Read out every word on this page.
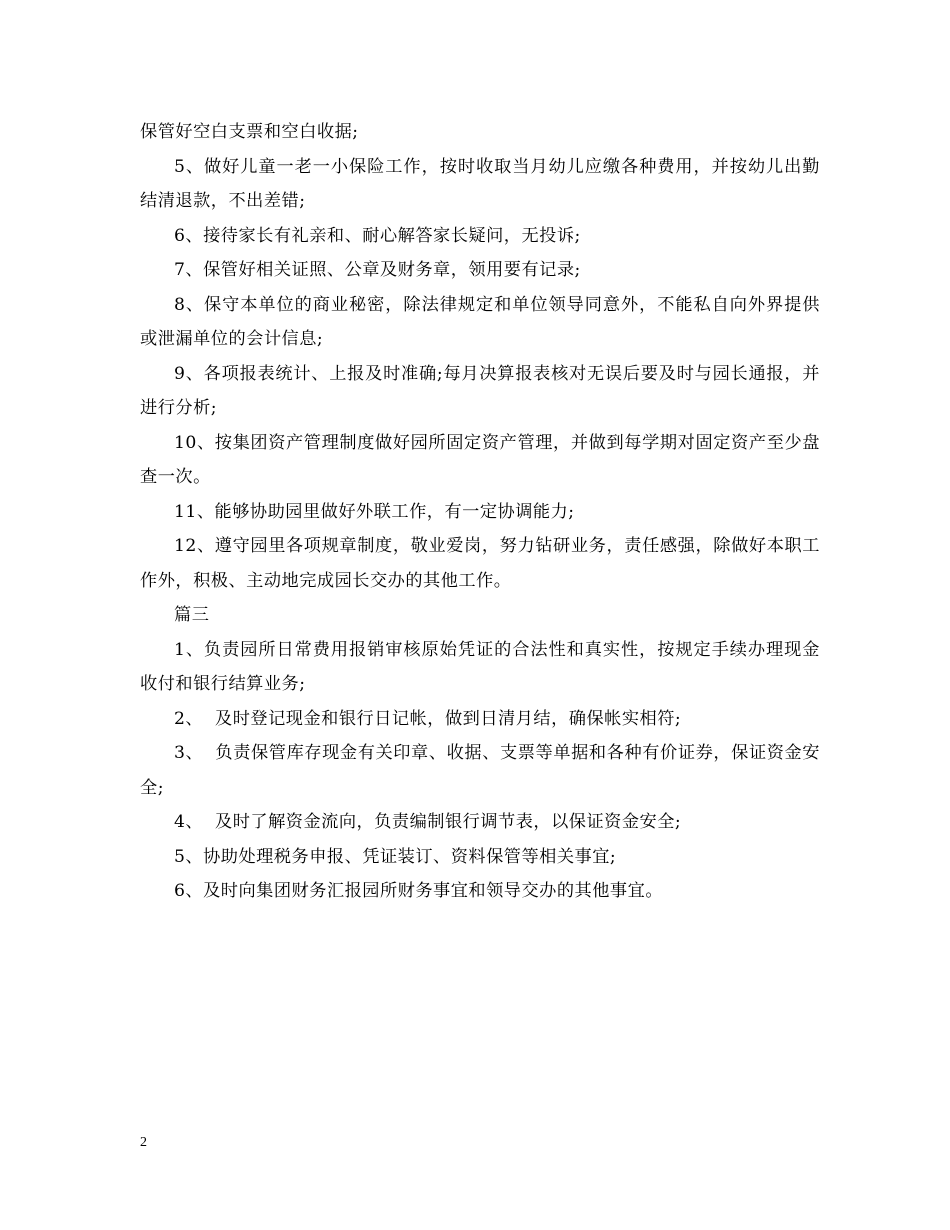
保管好空白支票和空白收据;

5、做好儿童一老一小保险工作，按时收取当月幼儿应缴各种费用，并按幼儿出勤结清退款，不出差错;

6、接待家长有礼亲和、耐心解答家长疑问，无投诉;

7、保管好相关证照、公章及财务章，领用要有记录;

8、保守本单位的商业秘密，除法律规定和单位领导同意外，不能私自向外界提供或泄漏单位的会计信息;

9、各项报表统计、上报及时准确;每月决算报表核对无误后要及时与园长通报，并进行分析;

10、按集团资产管理制度做好园所固定资产管理，并做到每学期对固定资产至少盘查一次。

11、能够协助园里做好外联工作，有一定协调能力;

12、遵守园里各项规章制度，敬业爱岗，努力钻研业务，责任感强，除做好本职工作外，积极、主动地完成园长交办的其他工作。

篇三

1、负责园所日常费用报销审核原始凭证的合法性和真实性，按规定手续办理现金收付和银行结算业务;

2、  及时登记现金和银行日记帐，做到日清月结，确保帐实相符;

3、  负责保管库存现金有关印章、收据、支票等单据和各种有价证券，保证资金安全;

4、  及时了解资金流向，负责编制银行调节表，以保证资金安全;

5、协助处理税务申报、凭证装订、资料保管等相关事宜;

6、及时向集团财务汇报园所财务事宜和领导交办的其他事宜。

2
